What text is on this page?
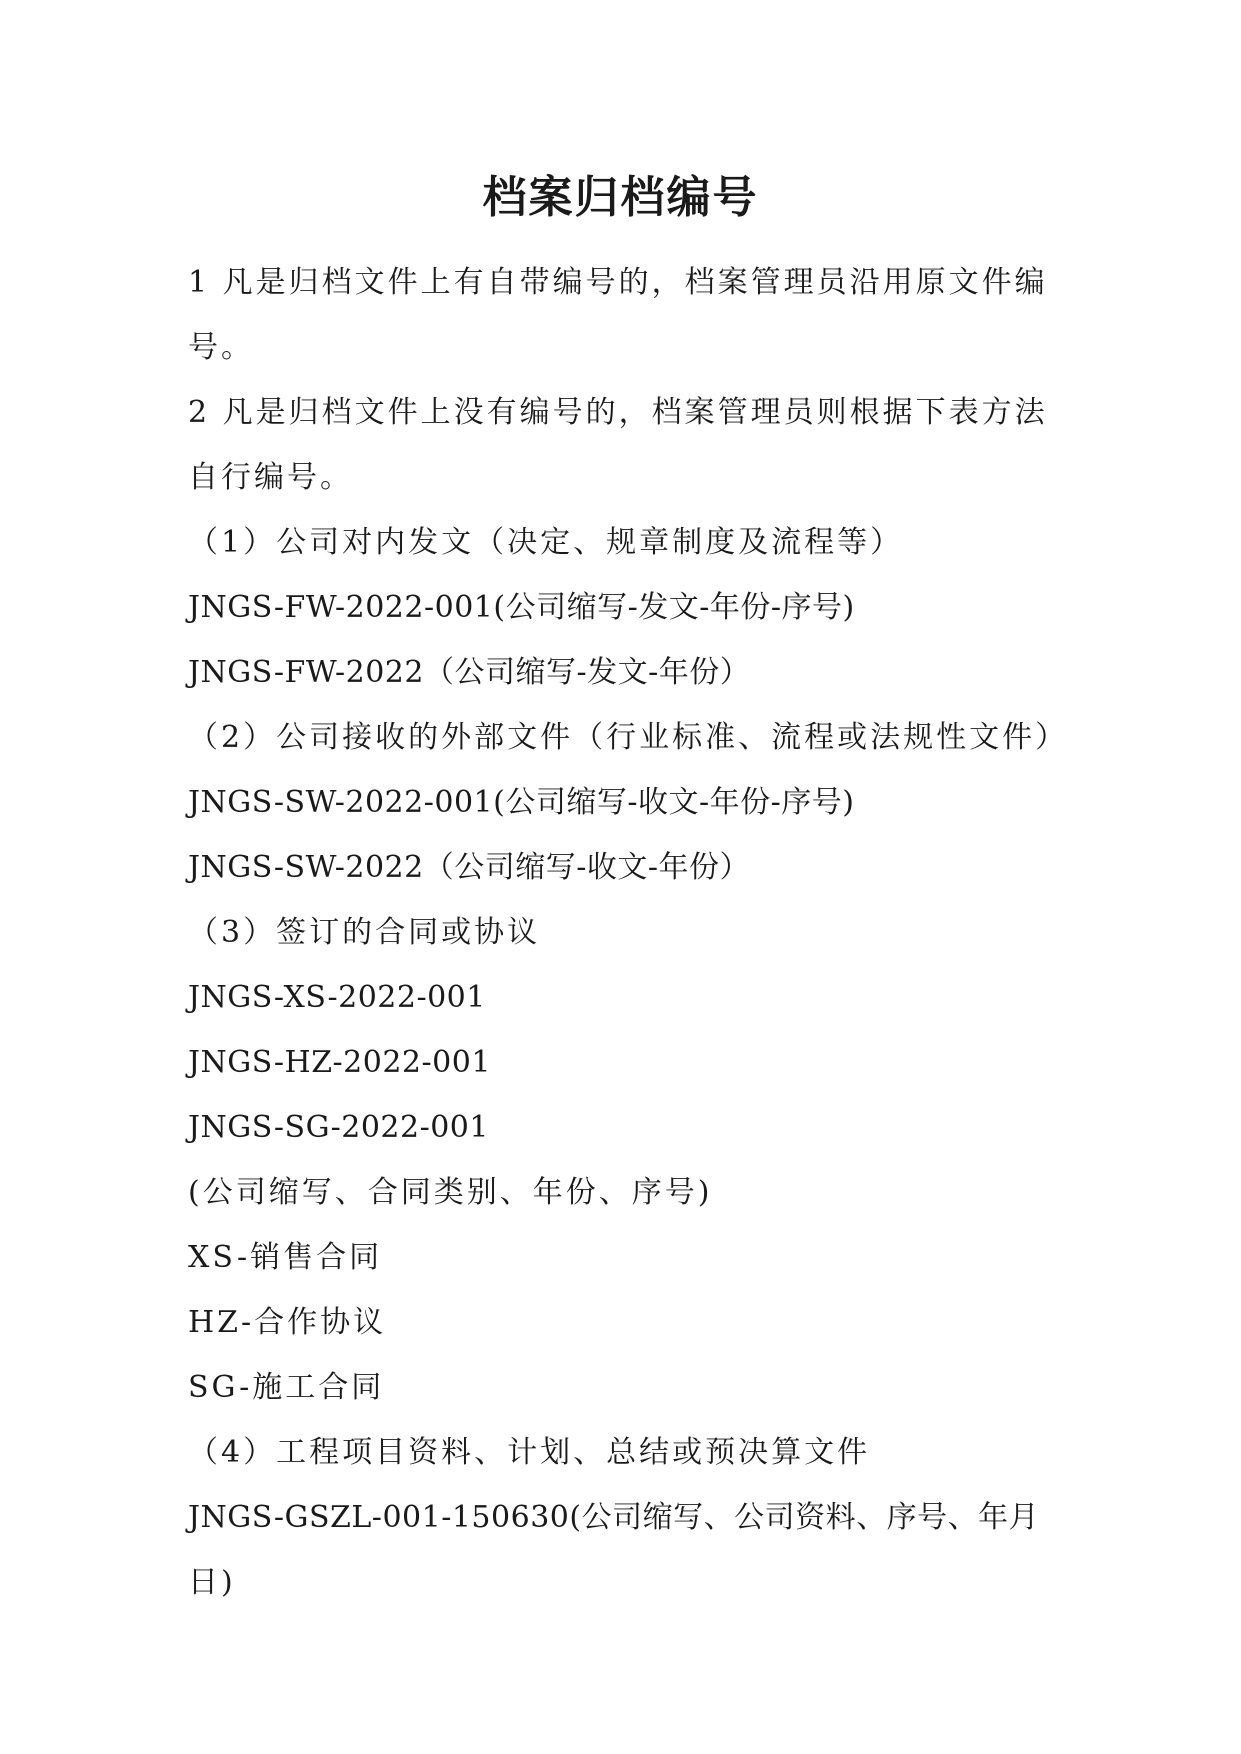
档案归档编号
1 凡是归档文件上有自带编号的，档案管理员沿用原文件编
号。
2 凡是归档文件上没有编号的，档案管理员则根据下表方法
自行编号。
（1）公司对内发文（决定、规章制度及流程等）
JNGS-FW-2022-001(公司缩写-发文-年份-序号)
JNGS-FW-2022（公司缩写-发文-年份）
（2）公司接收的外部文件（行业标准、流程或法规性文件）
JNGS-SW-2022-001(公司缩写-收文-年份-序号)
JNGS-SW-2022（公司缩写-收文-年份）
（3）签订的合同或协议
JNGS-XS-2022-001
JNGS-HZ-2022-001
JNGS-SG-2022-001
(公司缩写、合同类别、年份、序号)
XS-销售合同
HZ-合作协议
SG-施工合同
（4）工程项目资料、计划、总结或预决算文件
JNGS-GSZL-001-150630(公司缩写、公司资料、序号、年月
日)
